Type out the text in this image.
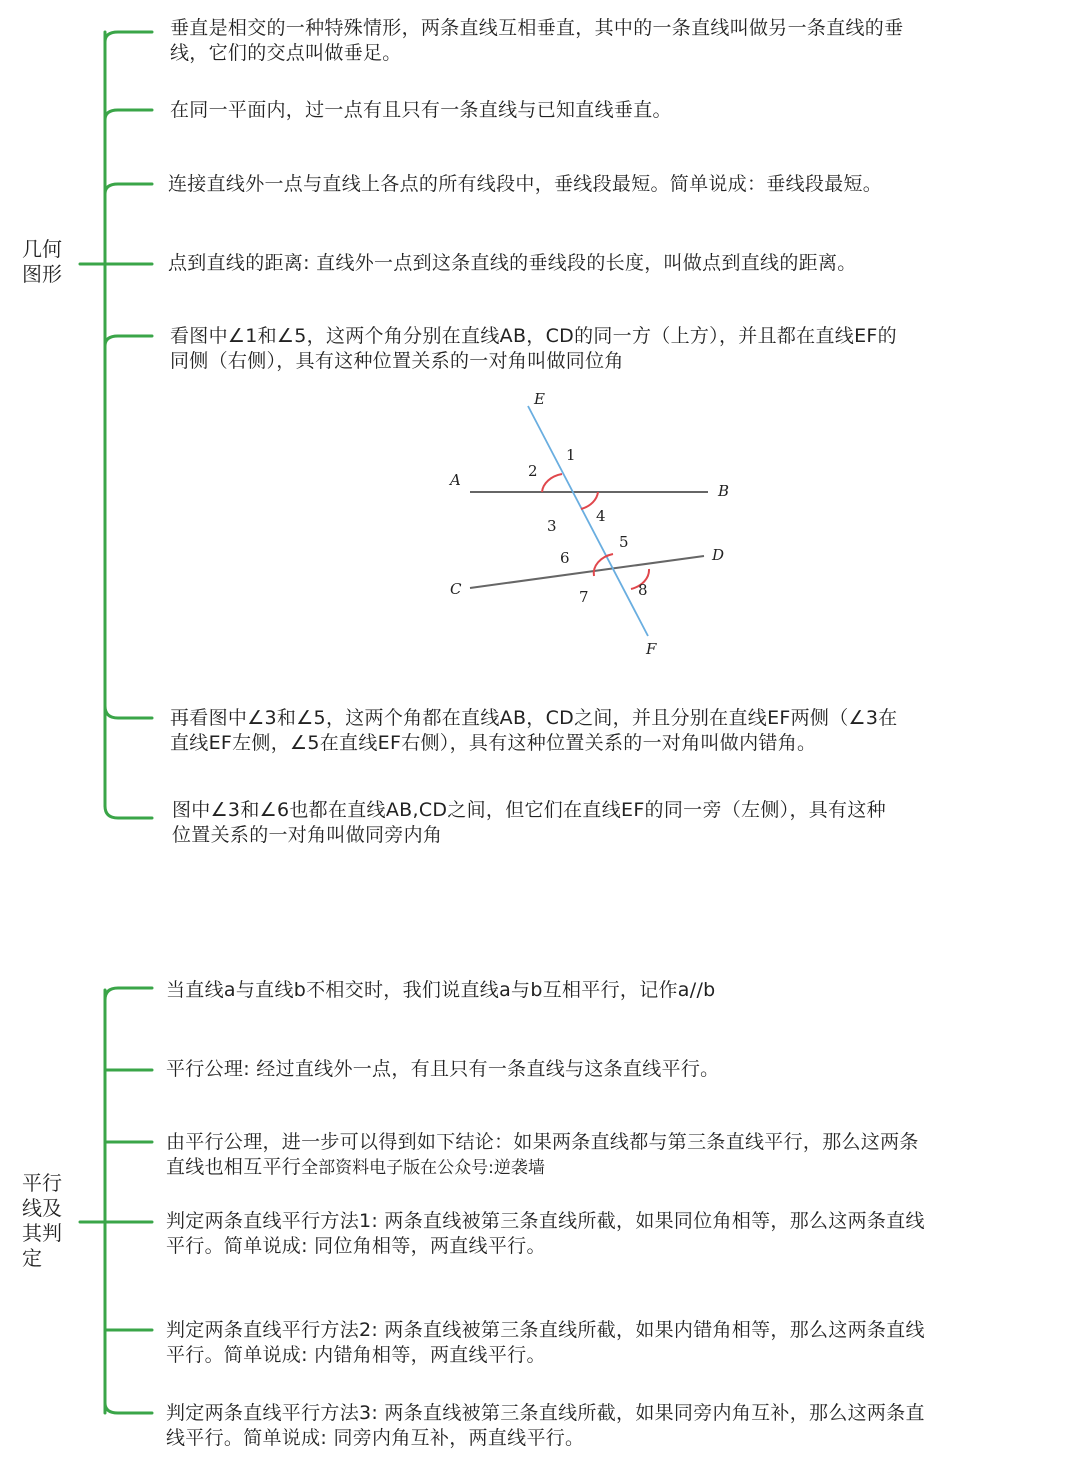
几何
图形
平行
线及
其判
定
垂直是相交的一种特殊情形，两条直线互相垂直，其中的一条直线叫做另一条直线的垂
线，它们的交点叫做垂足。
在同一平面内，过一点有且只有一条直线与已知直线垂直。
连接直线外一点与直线上各点的所有线段中，垂线段最短。简单说成：垂线段最短。
点到直线的距离: 直线外一点到这条直线的垂线段的长度，叫做点到直线的距离。
看图中∠1和∠5，这两个角分别在直线AB，CD的同一方（上方），并且都在直线EF的
同侧（右侧），具有这种位置关系的一对角叫做同位角
再看图中∠3和∠5，这两个角都在直线AB，CD之间，并且分别在直线EF两侧（∠3在
直线EF左侧，∠5在直线EF右侧），具有这种位置关系的一对角叫做内错角。
图中∠3和∠6也都在直线AB,CD之间，但它们在直线EF的同一旁（左侧），具有这种
位置关系的一对角叫做同旁内角
E
A
B
C
D
F
1
2
3
4
5
6
7	8
当直线a与直线b不相交时，我们说直线a与b互相平行，记作a//b
平行公理: 经过直线外一点，有且只有一条直线与这条直线平行。
由平行公理，进一步可以得到如下结论：如果两条直线都与第三条直线平行，那么这两条
直线也相互平行全部资料电子版在公众号:逆袭墙
判定两条直线平行方法1: 两条直线被第三条直线所截，如果同位角相等，那么这两条直线
平行。简单说成: 同位角相等，两直线平行。
判定两条直线平行方法2: 两条直线被第三条直线所截，如果内错角相等，那么这两条直线
平行。简单说成: 内错角相等，两直线平行。
判定两条直线平行方法3: 两条直线被第三条直线所截，如果同旁内角互补，那么这两条直
线平行。简单说成: 同旁内角互补，两直线平行。
